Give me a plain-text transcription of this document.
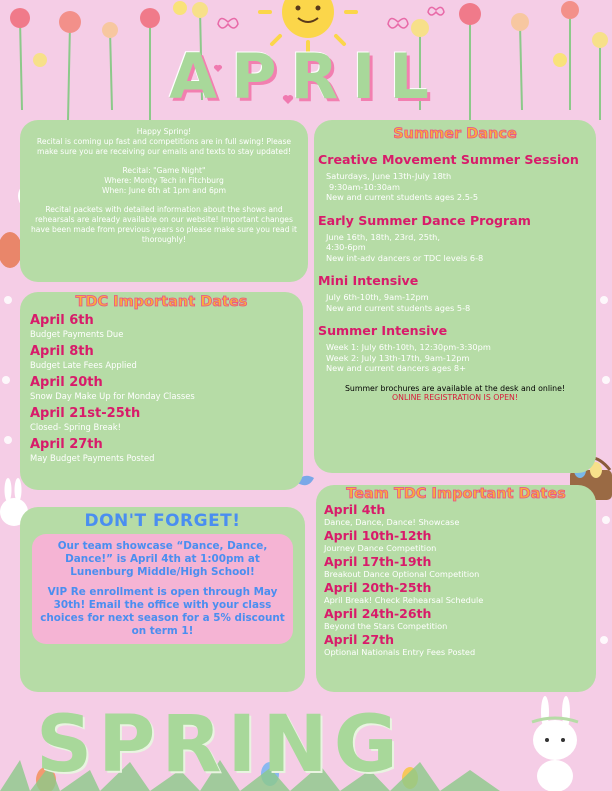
APRIL

Happy Spring!
Recital is coming up fast and competitions are in full swing! Please make sure you are receiving our emails and texts to stay updated!

Recital: "Game Night"
Where: Monty Tech in Fitchburg
When: June 6th at 1pm and 6pm

Recital packets with detailed information about the shows and rehearsals are already available on our website! Important changes have been made from previous years so please make sure you read it thoroughly!

Summer Dance
Creative Movement Summer Session
Saturdays, June 13th-July 18th
9:30am-10:30am
New and current students ages 2.5-5
Early Summer Dance Program
June 16th, 18th, 23rd, 25th,
4:30-6pm
New int-adv dancers or TDC levels 6-8
Mini Intensive
July 6th-10th, 9am-12pm
New and current students ages 5-8
Summer Intensive
Week 1: July 6th-10th, 12:30pm-3:30pm
Week 2: July 13th-17th, 9am-12pm
New and current dancers ages 8+
Summer brochures are available at the desk and online!
ONLINE REGISTRATION IS OPEN!
TDC Important Dates
April 6th
Budget Payments Due
April 8th
Budget Late Fees Applied
April 20th
Snow Day Make Up for Monday Classes
April 21st-25th
Closed- Spring Break!
April 27th
May Budget Payments Posted
DON'T FORGET!

Our team showcase “Dance, Dance, Dance!” is April 4th at 1:00pm at Lunenburg Middle/High School!

VIP Re enrollment is open through May 30th! Email the office with your class choices for next season for a 5% discount on term 1!

Team TDC Important Dates
April 4th
Dance, Dance, Dance! Showcase
April 10th-12th
Journey Dance Competition
April 17th-19th
Breakout Dance Optional Competition
April 20th-25th
April Break! Check Rehearsal Schedule
April 24th-26th
Beyond the Stars Competition
April 27th
Optional Nationals Entry Fees Posted
SPRING
